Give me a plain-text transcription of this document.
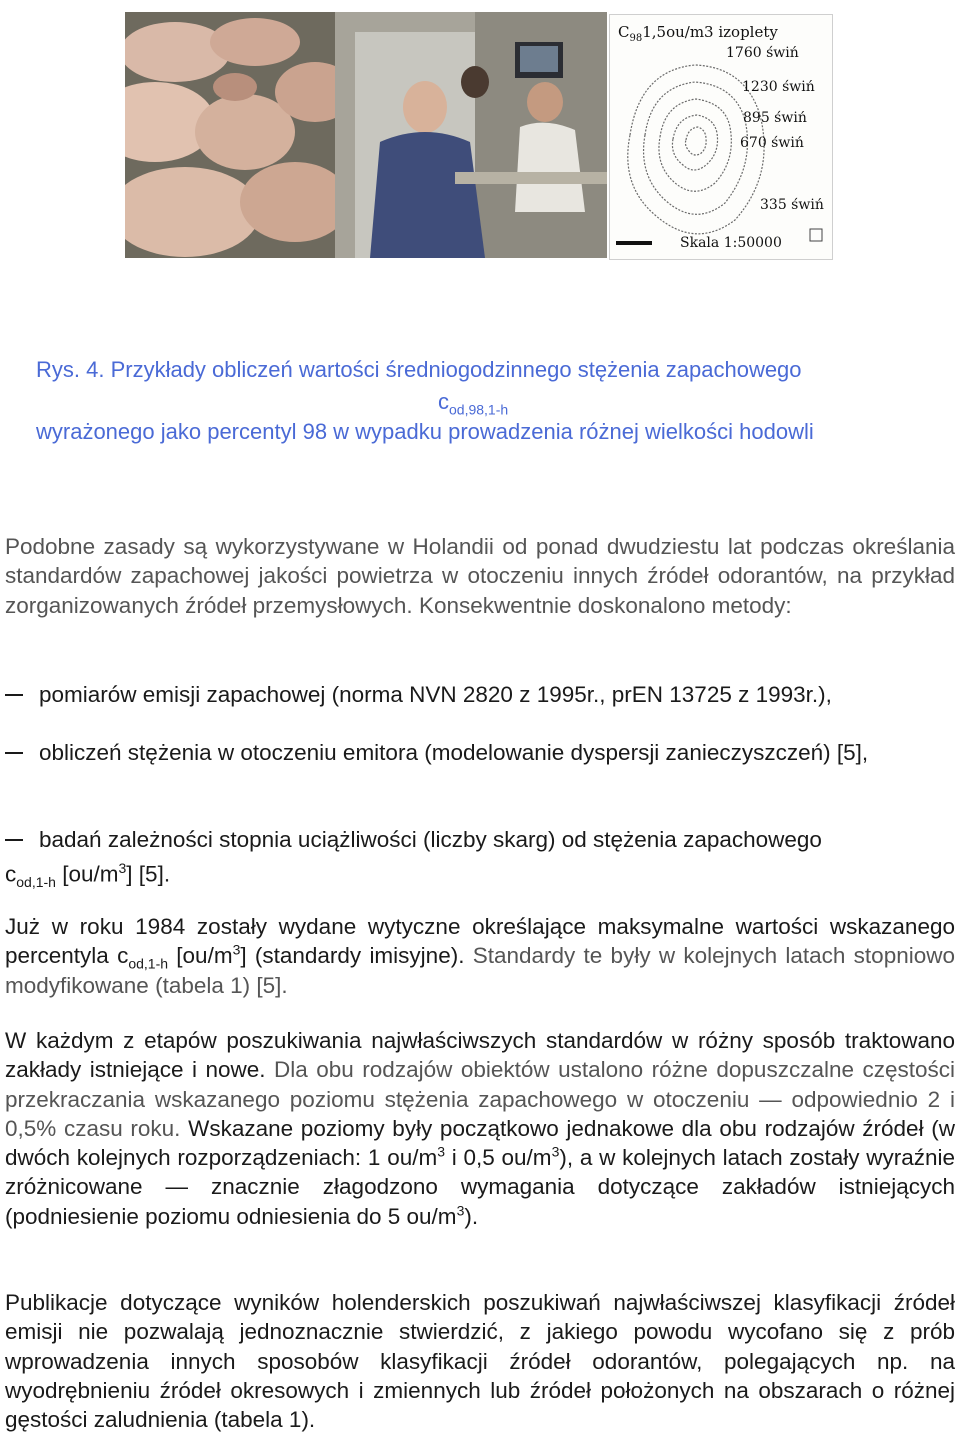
$C_{98}1,5ou/m3$ izoplety
1760 świń
1230 świń
895 świń
670 świń
335 świń
Skala 1:50000
Rys. 4. Przykłady obliczeń wartości średniogodzinnego stężenia zapachowego
$c_{od,98,1-h}$
wyrażonego jako percentyl 98 w wypadku prowadzenia różnej wielkości hodowli
Podobne zasady są wykorzystywane w Holandii od ponad dwudziestu lat podczas określania standardów zapachowej jakości powietrza w otoczeniu innych źródeł odorantów, na przykład zorganizowanych źródeł przemysłowych. Konsekwentnie doskonalono metody:
pomiarów emisji zapachowej (norma NVN 2820 z 1995r., prEN 13725 z 1993r.),
obliczeń stężenia w otoczeniu emitora (modelowanie dyspersji zanieczyszczeń) [5],
badań zależności stopnia uciążliwości (liczby skarg) od stężenia zapachowego
$c_{od,1-h}$ $[ou/m^3]$ [5].
Już w roku 1984 zostały wydane wytyczne określające maksymalne wartości wskazanego percentyla $c_{od,1-h}$ $[ou/m^3]$ (standardy imisyjne). Standardy te były w kolejnych latach stopniowo modyfikowane (tabela 1) [5].
W każdym z etapów poszukiwania najwłaściwszych standardów w różny sposób traktowano zakłady istniejące i nowe. Dla obu rodzajów obiektów ustalono różne dopuszczalne częstości przekraczania wskazanego poziomu stężenia zapachowego w otoczeniu — odpowiednio 2 i 0,5% czasu roku. Wskazane poziomy były początkowo jednakowe dla obu rodzajów źródeł (w dwóch kolejnych rozporządzeniach: 1 $ou/m^3$ i 0,5 $ou/m^3$), a w kolejnych latach zostały wyraźnie zróżnicowane — znacznie złagodzono wymagania dotyczące zakładów istniejących (podniesienie poziomu odniesienia do 5 $ou/m^3$).
Publikacje dotyczące wyników holenderskich poszukiwań najwłaściwszej klasyfikacji źródeł emisji nie pozwalają jednoznacznie stwierdzić, z jakiego powodu wycofano się z prób wprowadzenia innych sposobów klasyfikacji źródeł odorantów, polegających np. na wyodrębnieniu źródeł okresowych i zmiennych lub źródeł położonych na obszarach o różnej gęstości zaludnienia (tabela 1).
